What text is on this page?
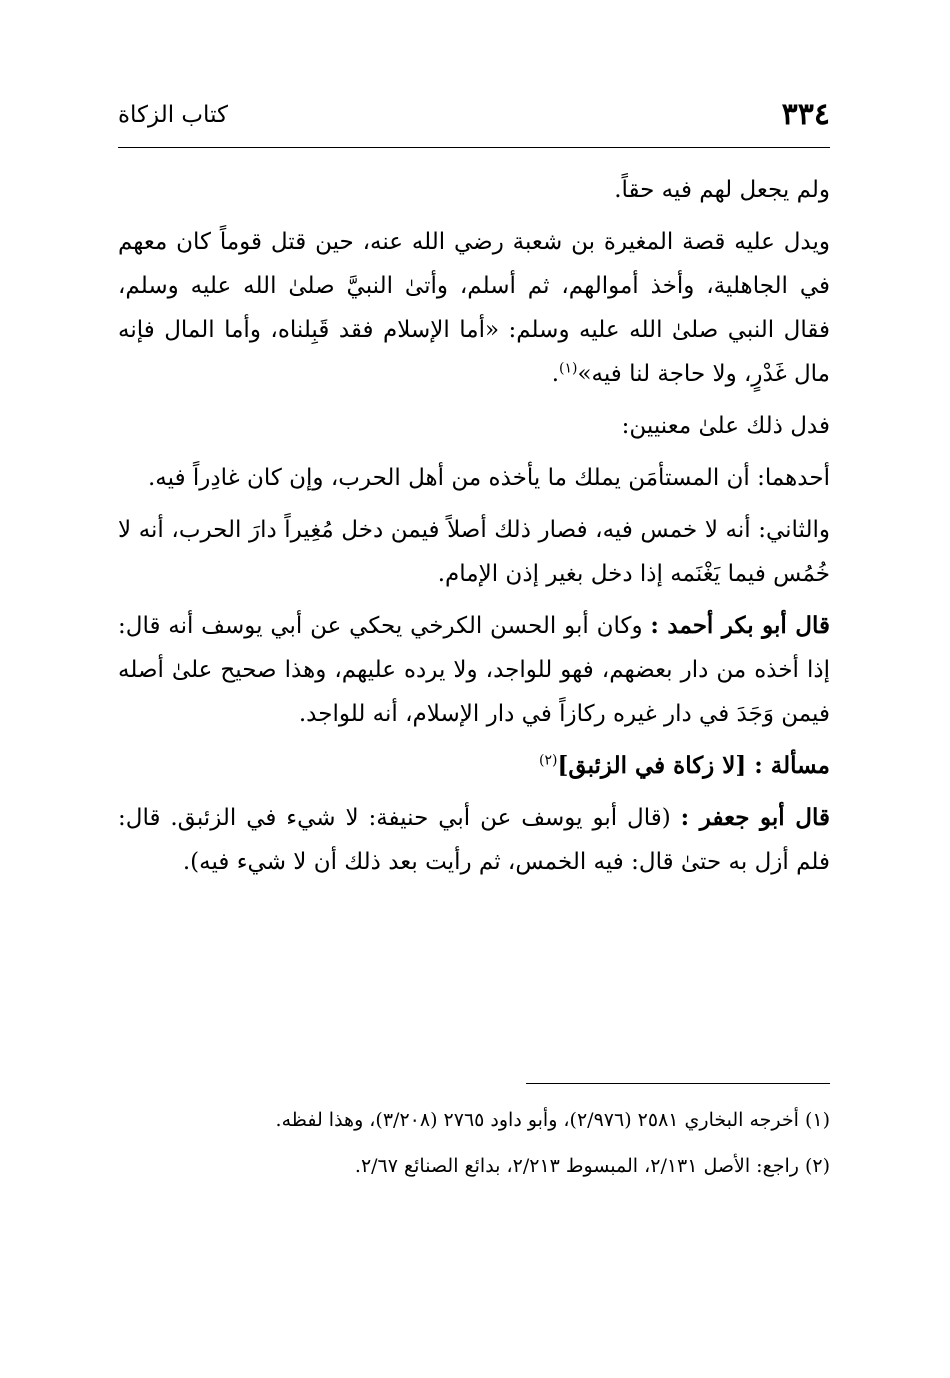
٣٣٤
كتاب الزكاة

ولم يجعل لهم فيه حقاً.

ويدل عليه قصة المغيرة بن شعبة رضي الله عنه، حين قتل قوماً كان معهم في الجاهلية، وأخذ أموالهم، ثم أسلم، وأتىٰ النبيَّ صلىٰ الله عليه وسلم، فقال النبي صلىٰ الله عليه وسلم: «أما الإسلام فقد قَبِلناه، وأما المال فإنه مال غَدْرٍ، ولا حاجة لنا فيه»$^{(١)}$.

فدل ذلك علىٰ معنيين:

أحدهما: أن المستأمَن يملك ما يأخذه من أهل الحرب، وإن كان غادِراً فيه.

والثاني: أنه لا خمس فيه، فصار ذلك أصلاً فيمن دخل مُغِيراً دارَ الحرب، أنه لا خُمُس فيما يَغْنَمه إذا دخل بغير إذن الإمام.

قال أبو بكر أحمد : وكان أبو الحسن الكرخي يحكي عن أبي يوسف أنه قال: إذا أخذه من دار بعضهم، فهو للواجد، ولا يرده عليهم، وهذا صحيح علىٰ أصله فيمن وَجَدَ في دار غيره ركازاً في دار الإسلام، أنه للواجد.

مسألة : [لا زكاة في الزئبق]$^{(٢)}$

قال أبو جعفر : (قال أبو يوسف عن أبي حنيفة: لا شيء في الزئبق. قال: فلم أزل به حتىٰ قال: فيه الخمس، ثم رأيت بعد ذلك أن لا شيء فيه).

(١) أخرجه البخاري ٢٥٨١ (٢/٩٧٦)، وأبو داود ٢٧٦٥ (٣/٢٠٨)، وهذا لفظه.

(٢) راجع: الأصل ٢/١٣١، المبسوط ٢/٢١٣، بدائع الصنائع ٢/٦٧.
